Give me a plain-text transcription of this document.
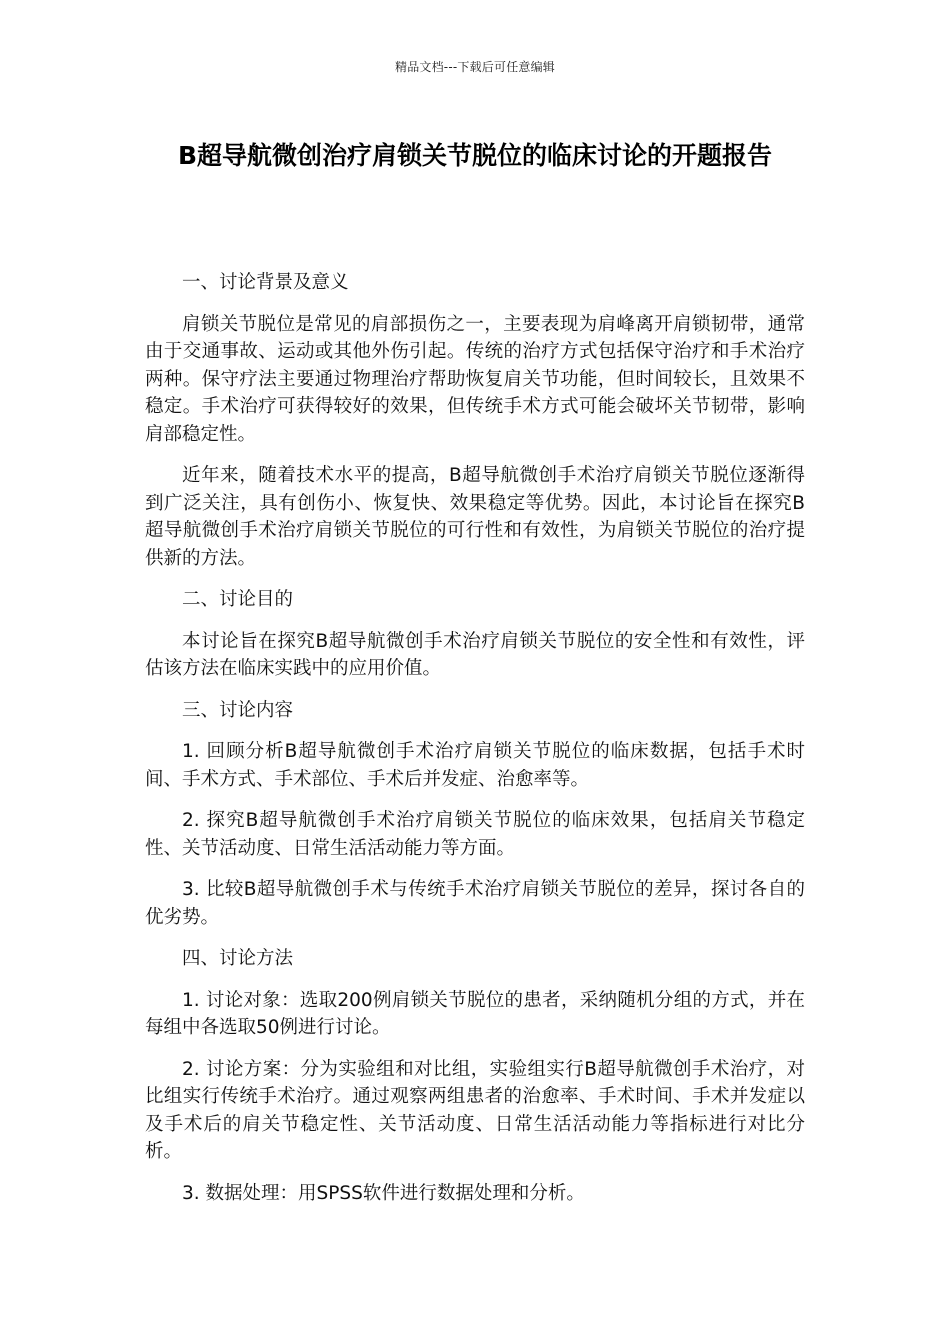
精品文档---下载后可任意编辑
B超导航微创治疗肩锁关节脱位的临床讨论的开题报告

一、讨论背景及意义

肩锁关节脱位是常见的肩部损伤之一，主要表现为肩峰离开肩锁韧带，通常由于交通事故、运动或其他外伤引起。传统的治疗方式包括保守治疗和手术治疗两种。保守疗法主要通过物理治疗帮助恢复肩关节功能，但时间较长，且效果不稳定。手术治疗可获得较好的效果，但传统手术方式可能会破坏关节韧带，影响肩部稳定性。

近年来，随着技术水平的提高，B超导航微创手术治疗肩锁关节脱位逐渐得到广泛关注，具有创伤小、恢复快、效果稳定等优势。因此，本讨论旨在探究B超导航微创手术治疗肩锁关节脱位的可行性和有效性，为肩锁关节脱位的治疗提供新的方法。

二、讨论目的

本讨论旨在探究B超导航微创手术治疗肩锁关节脱位的安全性和有效性，评估该方法在临床实践中的应用价值。

三、讨论内容

1. 回顾分析B超导航微创手术治疗肩锁关节脱位的临床数据，包括手术时间、手术方式、手术部位、手术后并发症、治愈率等。

2. 探究B超导航微创手术治疗肩锁关节脱位的临床效果，包括肩关节稳定性、关节活动度、日常生活活动能力等方面。

3. 比较B超导航微创手术与传统手术治疗肩锁关节脱位的差异，探讨各自的优劣势。

四、讨论方法

1. 讨论对象：选取200例肩锁关节脱位的患者，采纳随机分组的方式，并在每组中各选取50例进行讨论。

2. 讨论方案：分为实验组和对比组，实验组实行B超导航微创手术治疗，对比组实行传统手术治疗。通过观察两组患者的治愈率、手术时间、手术并发症以及手术后的肩关节稳定性、关节活动度、日常生活活动能力等指标进行对比分析。

3. 数据处理：用SPSS软件进行数据处理和分析。
